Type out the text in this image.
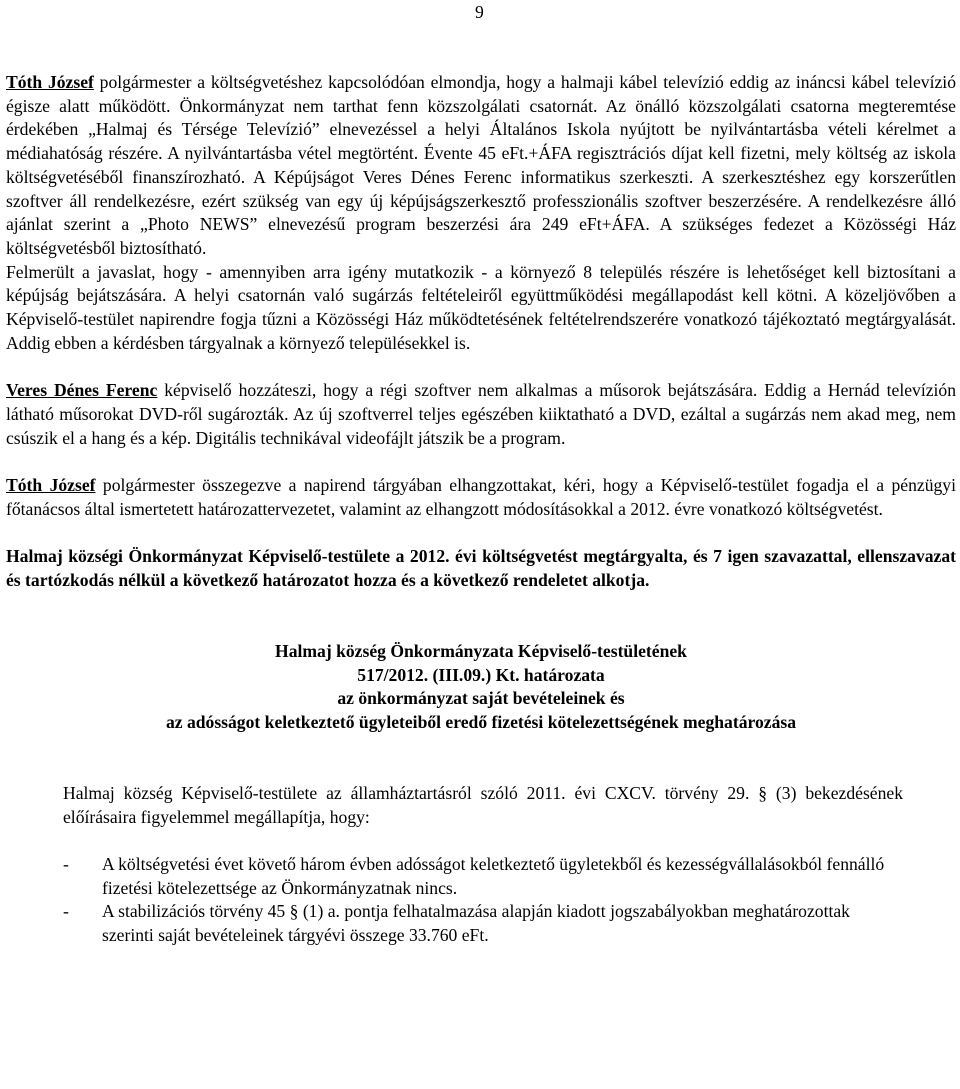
9

Tóth József polgármester a költségvetéshez kapcsolódóan elmondja, hogy a halmaji kábel televízió eddig az ináncsi kábel televízió égisze alatt működött. Önkormányzat nem tarthat fenn közszolgálati csatornát. Az önálló közszolgálati csatorna megteremtése érdekében „Halmaj és Térsége Televízió” elnevezéssel a helyi Általános Iskola nyújtott be nyilvántartásba vételi kérelmet a médiahatóság részére. A nyilvántartásba vétel megtörtént. Évente 45 eFt.+ÁFA regisztrációs díjat kell fizetni, mely költség az iskola költségvetéséből finanszírozható. A Képújságot Veres Dénes Ferenc informatikus szerkeszti. A szerkesztéshez egy korszerűtlen szoftver áll rendelkezésre, ezért szükség van egy új képújságszerkesztő professzionális szoftver beszerzésére. A rendelkezésre álló ajánlat szerint a „Photo NEWS” elnevezésű program beszerzési ára 249 eFt+ÁFA. A szükséges fedezet a Közösségi Ház költségvetésből biztosítható.

Felmerült a javaslat, hogy - amennyiben arra igény mutatkozik - a környező 8 település részére is lehetőséget kell biztosítani a képújság bejátszására. A helyi csatornán való sugárzás feltételeiről együttműködési megállapodást kell kötni. A közeljövőben a Képviselő-testület napirendre fogja tűzni a Közösségi Ház működtetésének feltételrendszerére vonatkozó tájékoztató megtárgyalását. Addig ebben a kérdésben tárgyalnak a környező településekkel is.

Veres Dénes Ferenc képviselő hozzáteszi, hogy a régi szoftver nem alkalmas a műsorok bejátszására. Eddig a Hernád televízión látható műsorokat DVD-ről sugározták. Az új szoftverrel teljes egészében kiiktatható a DVD, ezáltal a sugárzás nem akad meg, nem csúszik el a hang és a kép. Digitális technikával videofájlt játszik be a program.

Tóth József polgármester összegezve a napirend tárgyában elhangzottakat, kéri, hogy a Képviselő-testület fogadja el a pénzügyi főtanácsos által ismertetett határozattervezetet, valamint az elhangzott módosításokkal a 2012. évre vonatkozó költségvetést.

Halmaj községi Önkormányzat Képviselő-testülete a 2012. évi költségvetést megtárgyalta, és 7 igen szavazattal, ellenszavazat és tartózkodás nélkül a következő határozatot hozza és a következő rendeletet alkotja.

Halmaj község Önkormányzata Képviselő-testületének

517/2012. (III.09.) Kt. határozata

az önkormányzat saját bevételeinek és

az adósságot keletkeztető ügyleteiből eredő fizetési kötelezettségének meghatározása

Halmaj község Képviselő-testülete az államháztartásról szóló 2011. évi CXCV. törvény 29. § (3) bekezdésének előírásaira figyelemmel megállapítja, hogy:

- A költségvetési évet követő három évben adósságot keletkeztető ügyletekből és kezességvállalásokból fennálló fizetési kötelezettsége az Önkormányzatnak nincs.
- A stabilizációs törvény 45 § (1) a. pontja felhatalmazása alapján kiadott jogszabályokban meghatározottak szerinti saját bevételeinek tárgyévi összege 33.760 eFt.
